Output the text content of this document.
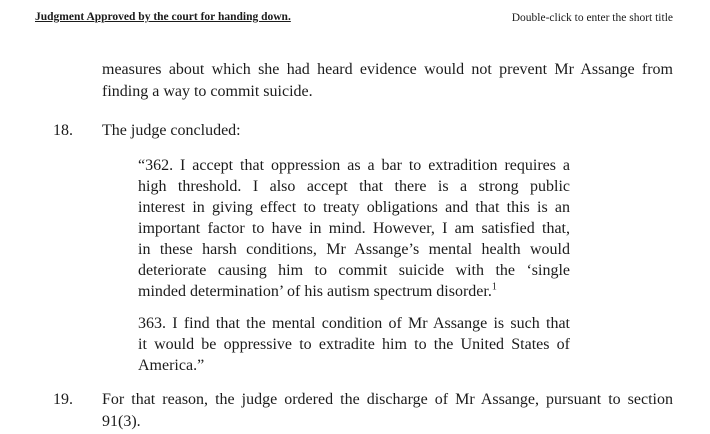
Judgment Approved by the court for handing down.	Double-click to enter the short title
measures about which she had heard evidence would not prevent Mr Assange from
finding a way to commit suicide.
18. The judge concluded:
“362. I accept that oppression as a bar to extradition requires a
high threshold. I also accept that there is a strong public
interest in giving effect to treaty obligations and that this is an
important factor to have in mind. However, I am satisfied that,
in these harsh conditions, Mr Assange’s mental health would
deteriorate causing him to commit suicide with the ‘single
minded determination’ of his autism spectrum disorder.$^1$
363. I find that the mental condition of Mr Assange is such that
it would be oppressive to extradite him to the United States of
America.”
19. For that reason, the judge ordered the discharge of Mr Assange, pursuant to section
91(3).
